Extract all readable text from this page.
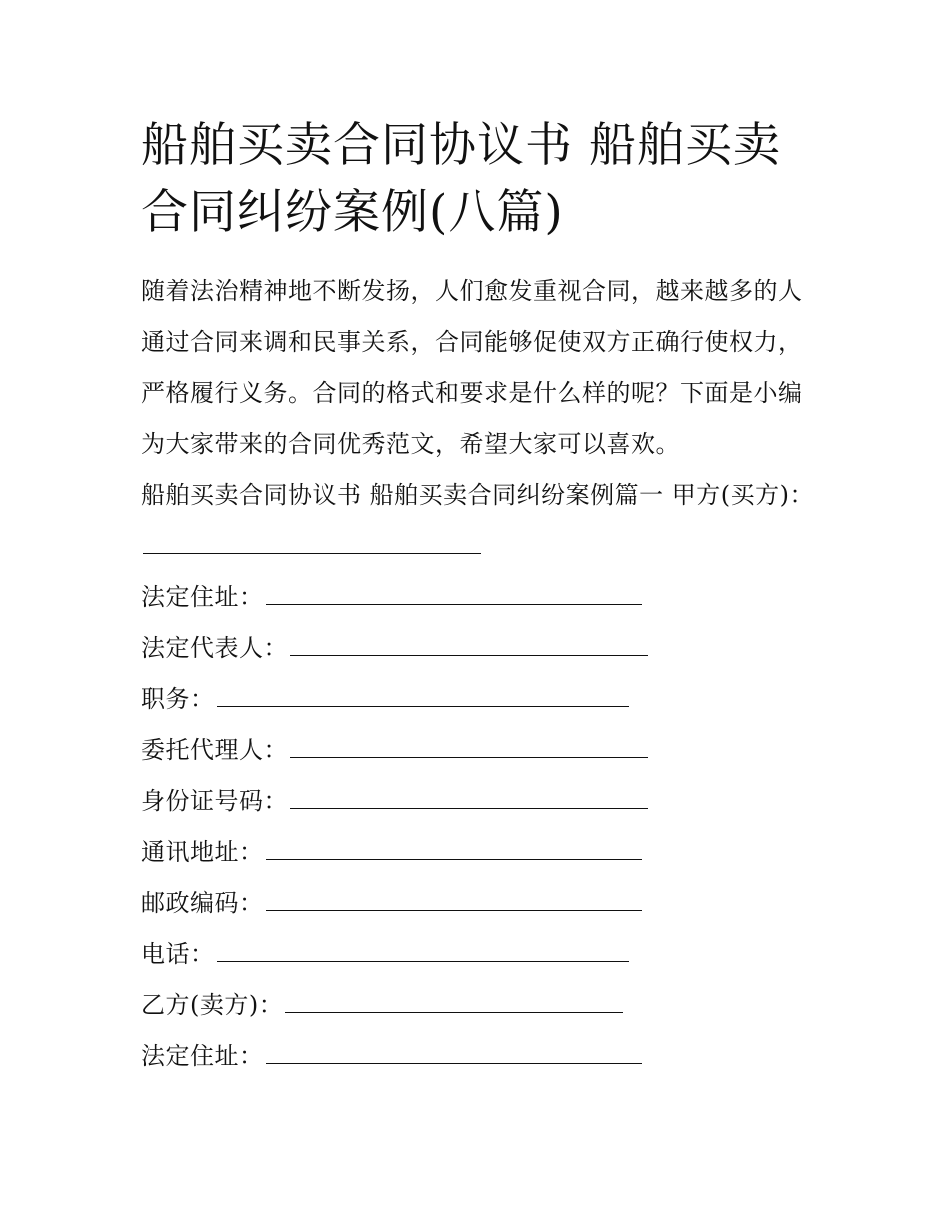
船舶买卖合同协议书 船舶买卖合同纠纷案例(八篇)

随着法治精神地不断发扬，人们愈发重视合同，越来越多的人通过合同来调和民事关系，合同能够促使双方正确行使权力，严格履行义务。合同的格式和要求是什么样的呢？下面是小编为大家带来的合同优秀范文，希望大家可以喜欢。

船舶买卖合同协议书 船舶买卖合同纠纷案例篇一 甲方(买方)：
法定住址：
法定代表人：
职务：
委托代理人：
身份证号码：
通讯地址：
邮政编码：
电话：
乙方(卖方)：
法定住址：
